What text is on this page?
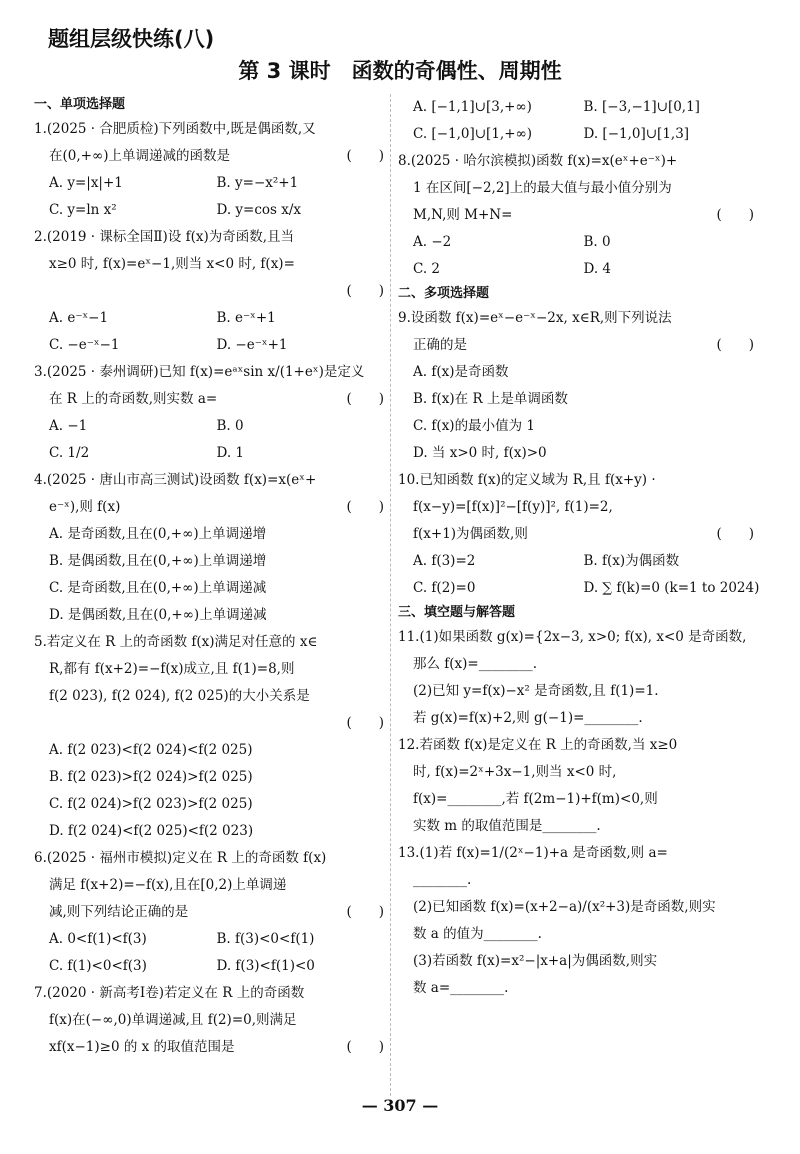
题组层级快练(八)
第 3 课时　函数的奇偶性、周期性
一、单项选择题
1.(2025 · 合肥质检)下列函数中,既是偶函数,又
在(0,+∞)上单调递减的函数是	(　　)
A. y=|x|+1	B. y=−x²+1
C. y=ln x²	D. y=cos x/x
2.(2019 · 课标全国Ⅱ)设 f(x)为奇函数,且当
x≥0 时, f(x)=eˣ−1,则当 x<0 时, f(x)=
(　　)

A. e⁻ˣ−1	B. e⁻ˣ+1
C. −e⁻ˣ−1	D. −e⁻ˣ+1
3.(2025 · 泰州调研)已知 f(x)=eᵃˣsin x/(1+eˣ)是定义
在 R 上的奇函数,则实数 a=	(　　)
A. −1	B. 0
C. 1/2	D. 1
4.(2025 · 唐山市高三测试)设函数 f(x)=x(eˣ+
e⁻ˣ),则 f(x)	(　　)
A. 是奇函数,且在(0,+∞)上单调递增
B. 是偶函数,且在(0,+∞)上单调递增
C. 是奇函数,且在(0,+∞)上单调递减
D. 是偶函数,且在(0,+∞)上单调递减
5.若定义在 R 上的奇函数 f(x)满足对任意的 x∈
R,都有 f(x+2)=−f(x)成立,且 f(1)=8,则
f(2 023), f(2 024), f(2 025)的大小关系是
(　　)

A. f(2 023)<f(2 024)<f(2 025)
B. f(2 023)>f(2 024)>f(2 025)
C. f(2 024)>f(2 023)>f(2 025)
D. f(2 024)<f(2 025)<f(2 023)
6.(2025 · 福州市模拟)定义在 R 上的奇函数 f(x)
满足 f(x+2)=−f(x),且在[0,2)上单调递
减,则下列结论正确的是	(　　)
A. 0<f(1)<f(3)	B. f(3)<0<f(1)
C. f(1)<0<f(3)	D. f(3)<f(1)<0
7.(2020 · 新高考Ⅰ卷)若定义在 R 上的奇函数
f(x)在(−∞,0)单调递减,且 f(2)=0,则满足
xf(x−1)≥0 的 x 的取值范围是	(　　)
A. [−1,1]∪[3,+∞)	B. [−3,−1]∪[0,1]
C. [−1,0]∪[1,+∞)	D. [−1,0]∪[1,3]
8.(2025 · 哈尔滨模拟)函数 f(x)=x(eˣ+e⁻ˣ)+
1 在区间[−2,2]上的最大值与最小值分别为
M,N,则 M+N=	(　　)
A. −2	B. 0
C. 2	D. 4
二、多项选择题
9.设函数 f(x)=eˣ−e⁻ˣ−2x, x∈R,则下列说法
正确的是	(　　)
A. f(x)是奇函数
B. f(x)在 R 上是单调函数
C. f(x)的最小值为 1
D. 当 x>0 时, f(x)>0
10.已知函数 f(x)的定义域为 R,且 f(x+y) ·
f(x−y)=[f(x)]²−[f(y)]², f(1)=2,
f(x+1)为偶函数,则	(　　)
A. f(3)=2	B. f(x)为偶函数
C. f(2)=0	D. ∑ f(k)=0 (k=1 to 2024)
三、填空题与解答题
11.(1)如果函数 g(x)={2x−3, x>0; f(x), x<0 是奇函数,
那么 f(x)=________.
(2)已知 y=f(x)−x² 是奇函数,且 f(1)=1.
若 g(x)=f(x)+2,则 g(−1)=________.
12.若函数 f(x)是定义在 R 上的奇函数,当 x≥0
时, f(x)=2ˣ+3x−1,则当 x<0 时,
f(x)=________,若 f(2m−1)+f(m)<0,则
实数 m 的取值范围是________.
13.(1)若 f(x)=1/(2ˣ−1)+a 是奇函数,则 a=
________.
(2)已知函数 f(x)=(x+2−a)/(x²+3)是奇函数,则实
数 a 的值为________.
(3)若函数 f(x)=x²−|x+a|为偶函数,则实
数 a=________.
— 307 —
